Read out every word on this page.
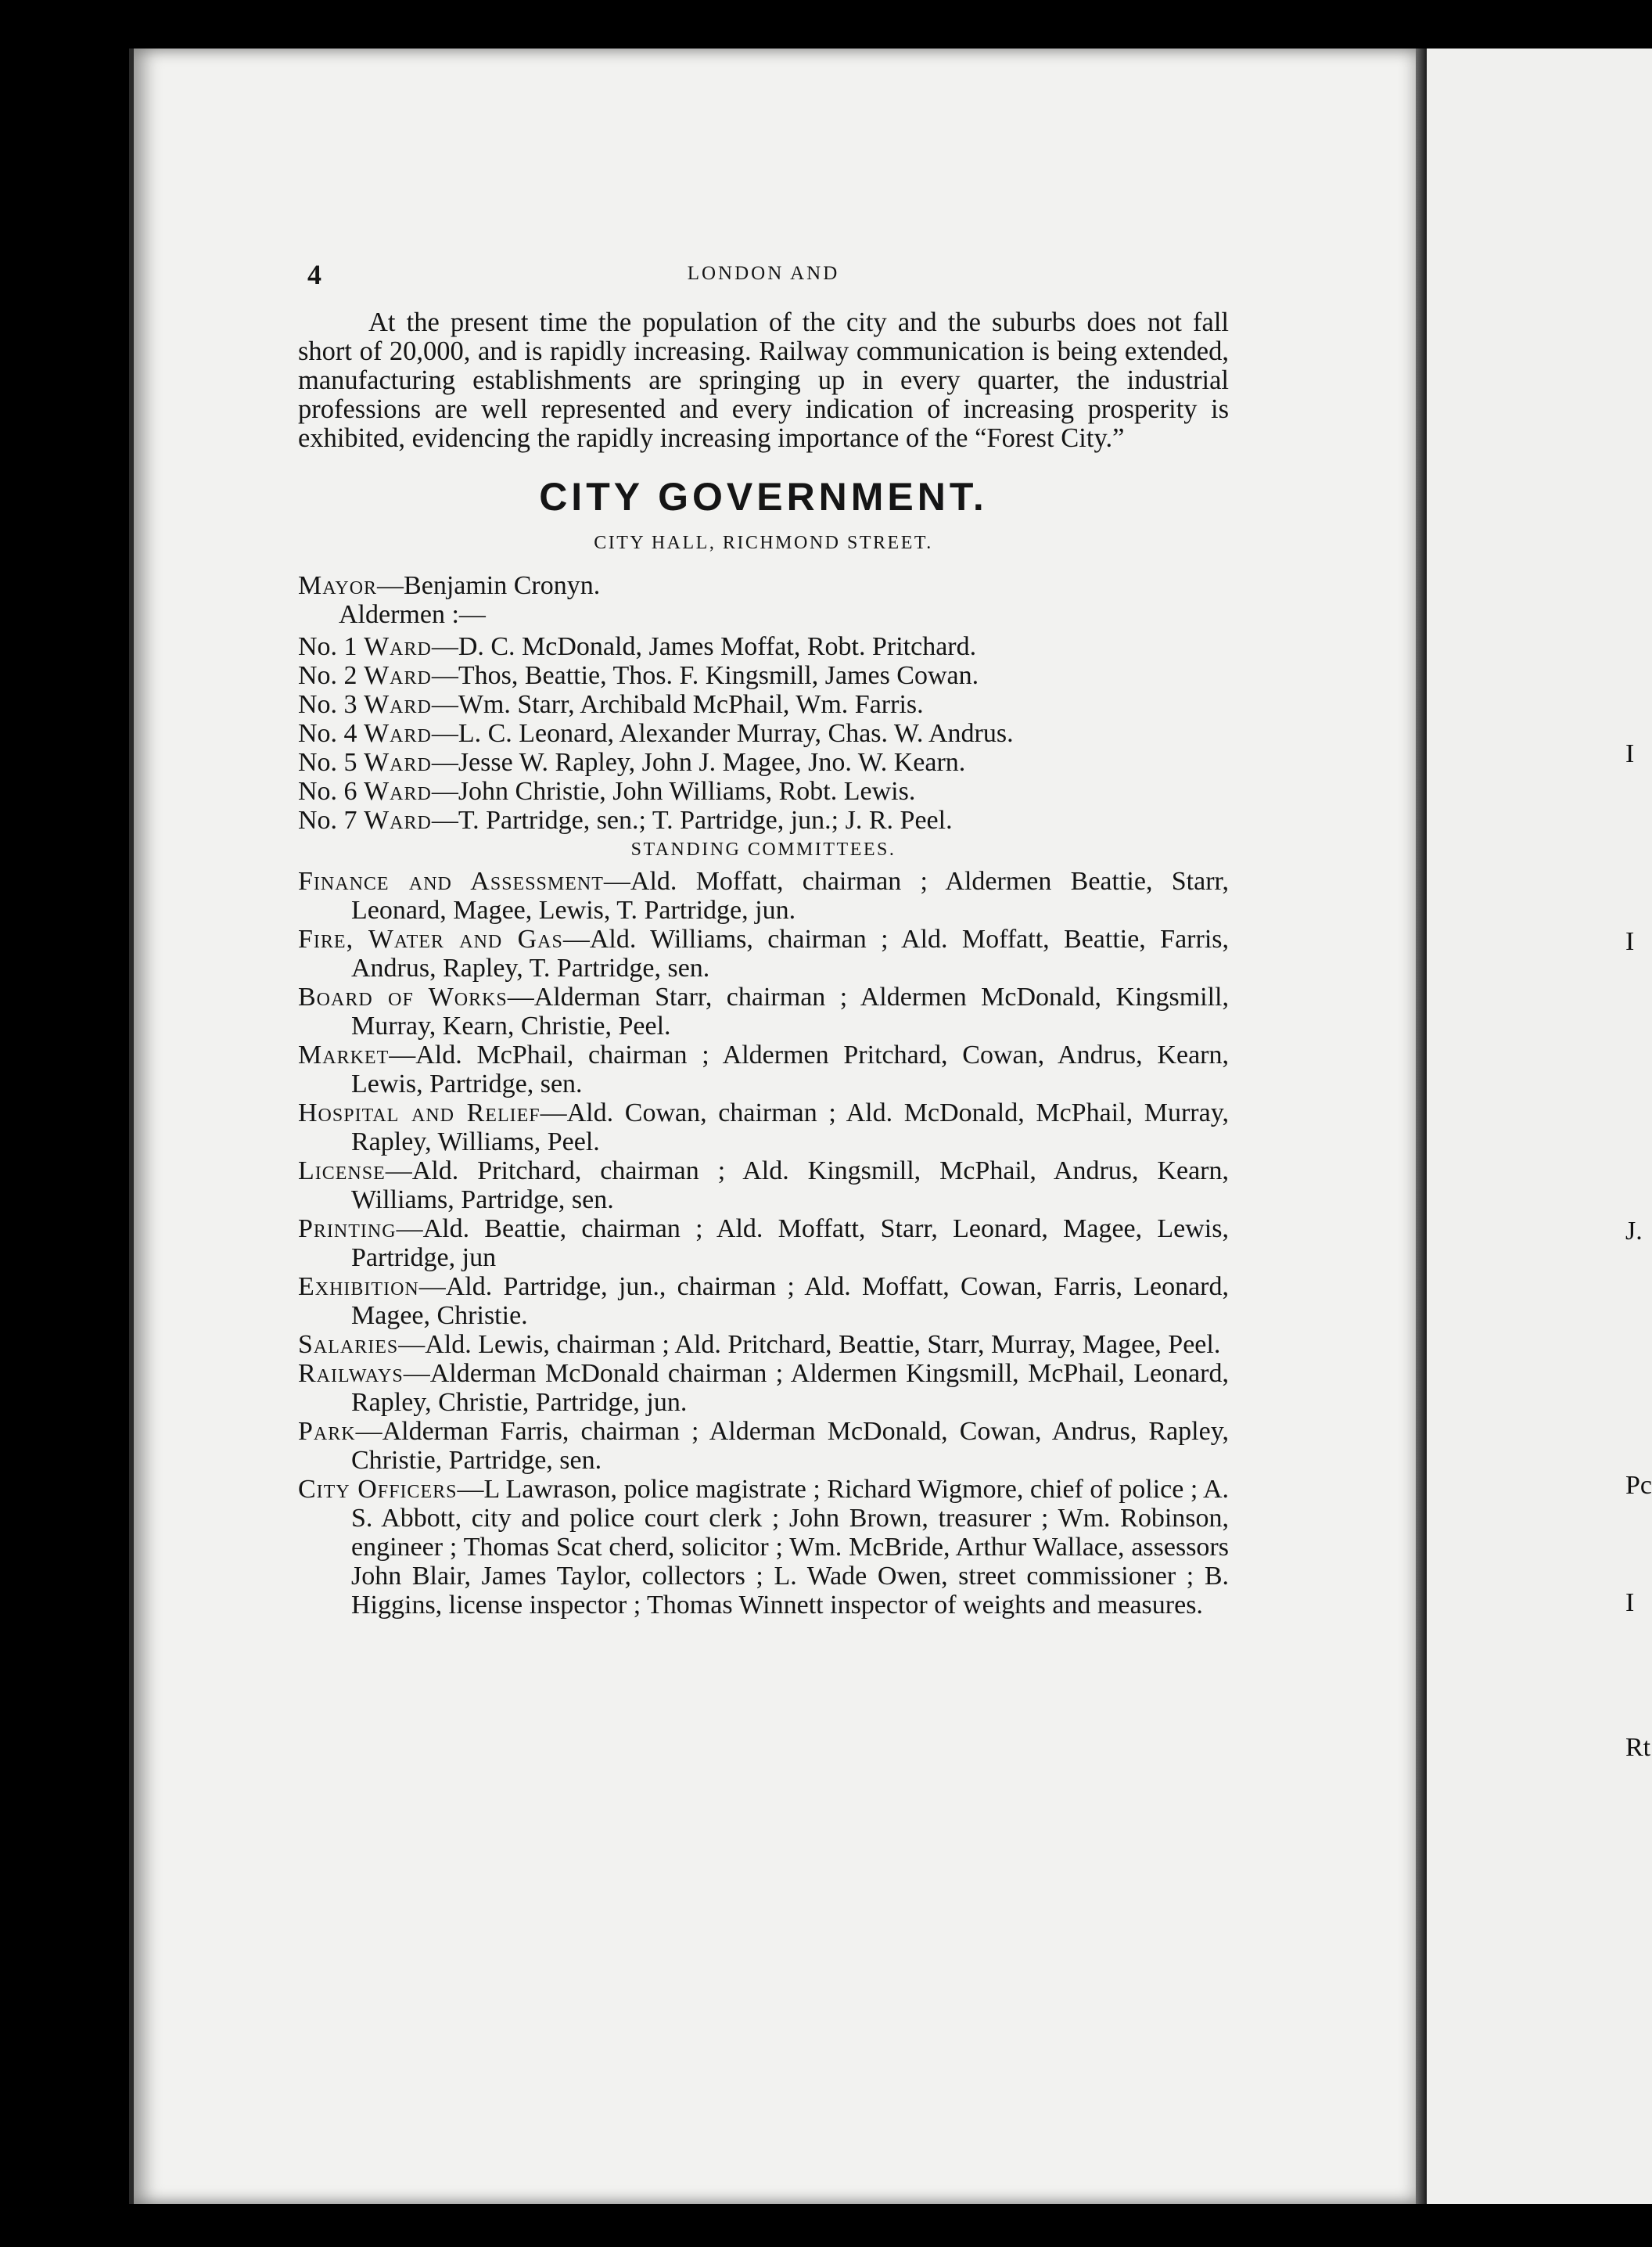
I
I
J.
Pc
I
Rt
4	LONDON AND

At the present time the population of the city and the suburbs does not fall short of 20,000, and is rapidly increasing. Railway communication is being extended, manufacturing establishments are springing up in every quarter, the industrial professions are well represented and every indication of increasing prosperity is exhibited, evidencing the rapidly increasing importance of the “Forest City.”

CITY GOVERNMENT.
CITY HALL, RICHMOND STREET.

Mayor—Benjamin Cronyn.

Aldermen :—

No. 1 Ward—D. C. McDonald, James Moffat, Robt. Pritchard.

No. 2 Ward—Thos, Beattie, Thos. F. Kingsmill, James Cowan.

No. 3 Ward—Wm. Starr, Archibald McPhail, Wm. Farris.

No. 4 Ward—L. C. Leonard, Alexander Murray, Chas. W. Andrus.

No. 5 Ward—Jesse W. Rapley, John J. Magee, Jno. W. Kearn.

No. 6 Ward—John Christie, John Williams, Robt. Lewis.

No. 7 Ward—T. Partridge, sen.; T. Partridge, jun.; J. R. Peel.

STANDING COMMITTEES.

Finance and Assessment—Ald. Moffatt, chairman ; Aldermen Beattie, Starr, Leonard, Magee, Lewis, T. Partridge, jun.

Fire, Water and Gas—Ald. Williams, chairman ; Ald. Moffatt, Beattie, Farris, Andrus, Rapley, T. Partridge, sen.

Board of Works—Alderman Starr, chairman ; Aldermen McDonald, Kingsmill, Murray, Kearn, Christie, Peel.

Market—Ald. McPhail, chairman ; Aldermen Pritchard, Cowan, Andrus, Kearn, Lewis, Partridge, sen.

Hospital and Relief—Ald. Cowan, chairman ; Ald. McDonald, McPhail, Murray, Rapley, Williams, Peel.

License—Ald. Pritchard, chairman ; Ald. Kingsmill, McPhail, Andrus, Kearn, Williams, Partridge, sen.

Printing—Ald. Beattie, chairman ; Ald. Moffatt, Starr, Leonard, Magee, Lewis, Partridge, jun

Exhibition—Ald. Partridge, jun., chairman ; Ald. Moffatt, Cowan, Farris, Leonard, Magee, Christie.

Salaries—Ald. Lewis, chairman ; Ald. Pritchard, Beattie, Starr, Murray, Magee, Peel.

Railways—Alderman McDonald chairman ; Aldermen Kingsmill, McPhail, Leonard, Rapley, Christie, Partridge, jun.

Park—Alderman Farris, chairman ; Alderman McDonald, Cowan, Andrus, Rapley, Christie, Partridge, sen.

City Officers—L Lawrason, police magistrate ; Richard Wigmore, chief of police ; A. S. Abbott, city and police court clerk ; John Brown, treasurer ; Wm. Robinson, engineer ; Thomas Scat cherd, solicitor ; Wm. McBride, Arthur Wallace, assessors John Blair, James Taylor, collectors ; L. Wade Owen, street commissioner ; B. Higgins, license inspector ; Thomas Winnett inspector of weights and measures.
